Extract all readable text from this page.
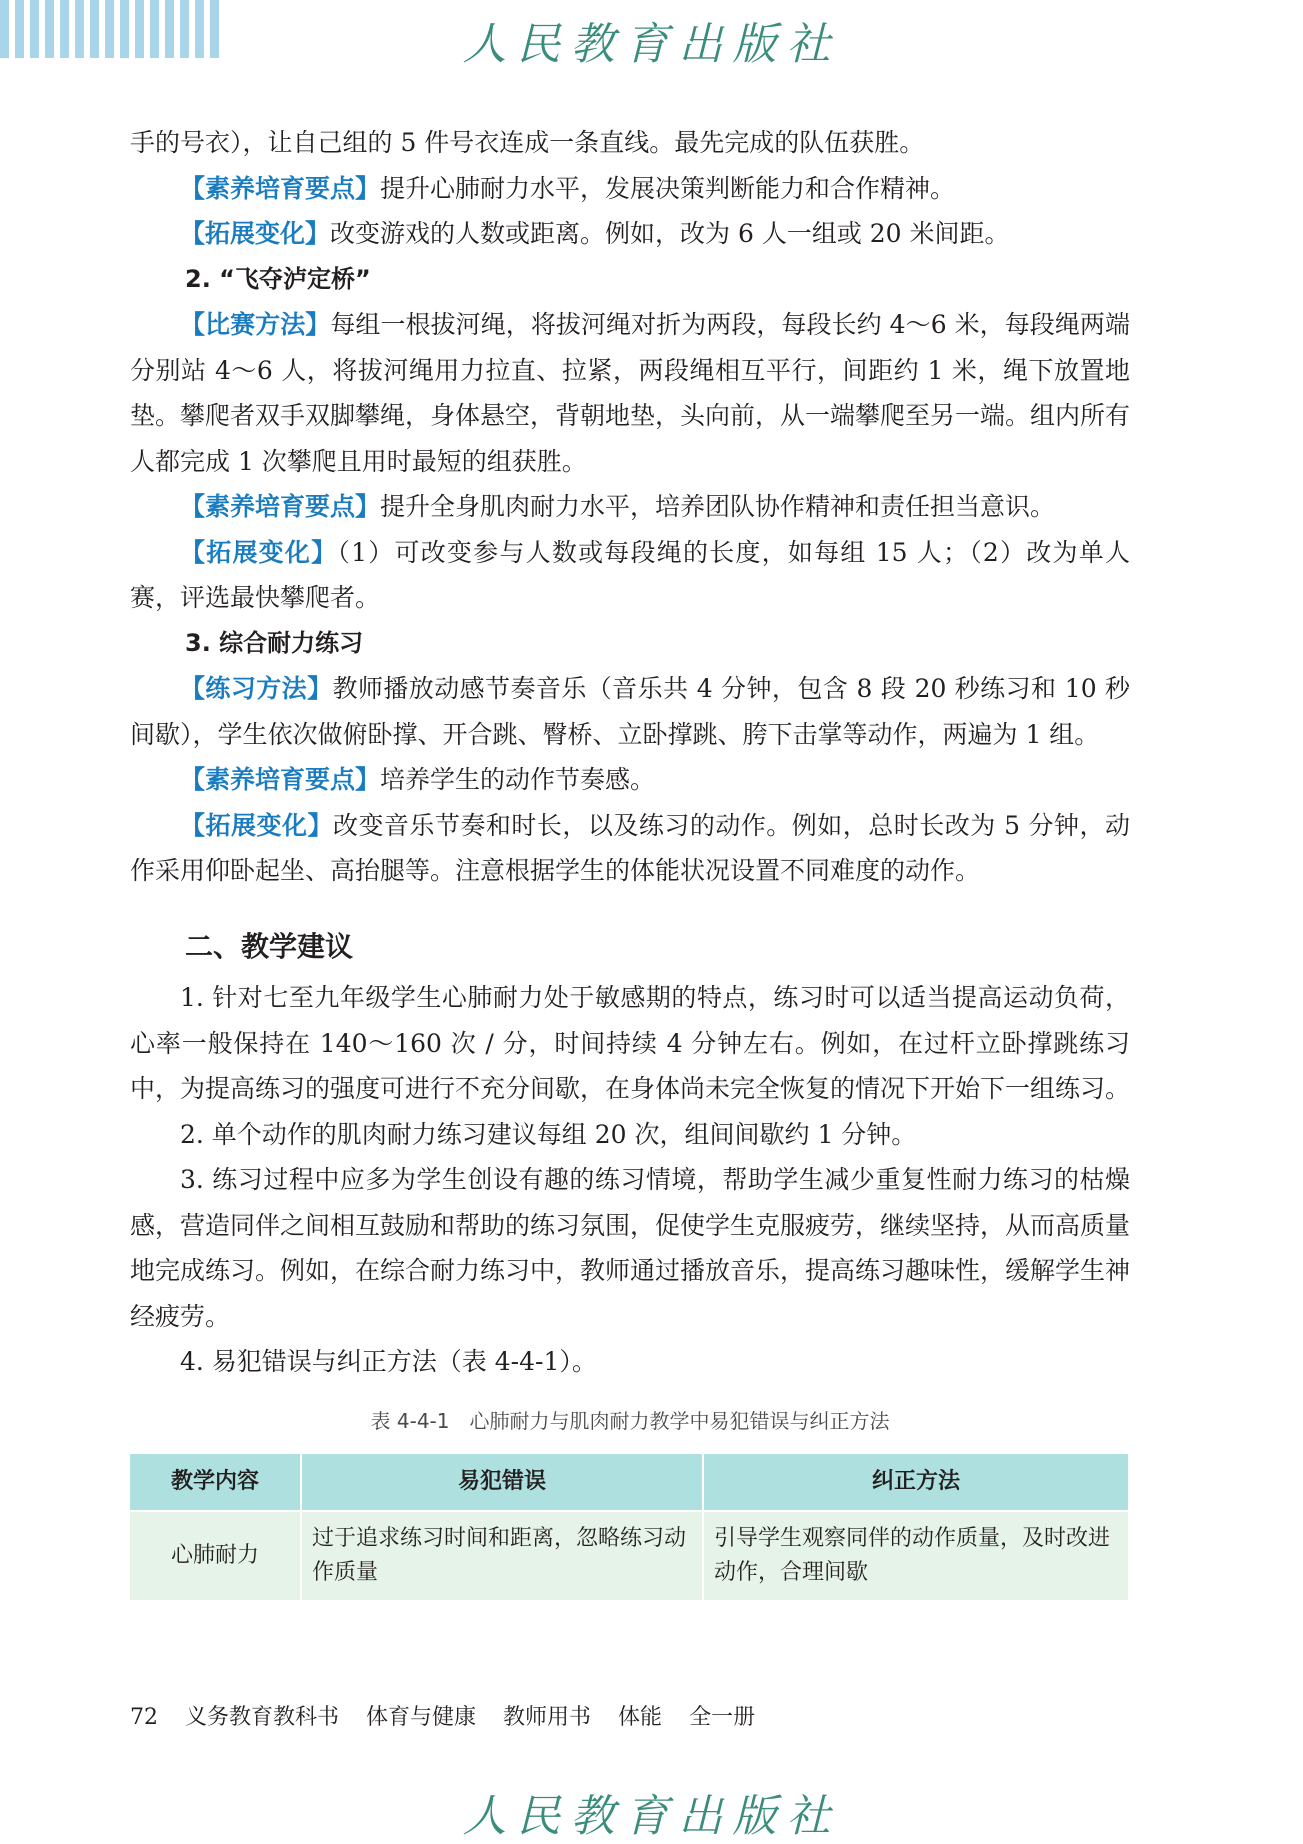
人民教育出版社

手的号衣），让自己组的 5 件号衣连成一条直线。最先完成的队伍获胜。

【素养培育要点】提升心肺耐力水平，发展决策判断能力和合作精神。

【拓展变化】改变游戏的人数或距离。例如，改为 6 人一组或 20 米间距。

2. “飞夺泸定桥”

【比赛方法】每组一根拔河绳，将拔河绳对折为两段，每段长约 4～6 米，每段绳两端分别站 4～6 人，将拔河绳用力拉直、拉紧，两段绳相互平行，间距约 1 米，绳下放置地垫。攀爬者双手双脚攀绳，身体悬空，背朝地垫，头向前，从一端攀爬至另一端。组内所有人都完成 1 次攀爬且用时最短的组获胜。

【素养培育要点】提升全身肌肉耐力水平，培养团队协作精神和责任担当意识。

【拓展变化】（1）可改变参与人数或每段绳的长度，如每组 15 人；（2）改为单人赛，评选最快攀爬者。

3. 综合耐力练习

【练习方法】教师播放动感节奏音乐（音乐共 4 分钟，包含 8 段 20 秒练习和 10 秒间歇），学生依次做俯卧撑、开合跳、臀桥、立卧撑跳、胯下击掌等动作，两遍为 1 组。

【素养培育要点】培养学生的动作节奏感。

【拓展变化】改变音乐节奏和时长，以及练习的动作。例如，总时长改为 5 分钟，动作采用仰卧起坐、高抬腿等。注意根据学生的体能状况设置不同难度的动作。

二、教学建议

1. 针对七至九年级学生心肺耐力处于敏感期的特点，练习时可以适当提高运动负荷，心率一般保持在 140～160 次 / 分，时间持续 4 分钟左右。例如，在过杆立卧撑跳练习中，为提高练习的强度可进行不充分间歇，在身体尚未完全恢复的情况下开始下一组练习。

2. 单个动作的肌肉耐力练习建议每组 20 次，组间间歇约 1 分钟。

3. 练习过程中应多为学生创设有趣的练习情境，帮助学生减少重复性耐力练习的枯燥感，营造同伴之间相互鼓励和帮助的练习氛围，促使学生克服疲劳，继续坚持，从而高质量地完成练习。例如，在综合耐力练习中，教师通过播放音乐，提高练习趣味性，缓解学生神经疲劳。

4. 易犯错误与纠正方法（表 4-4-1）。

表 4-4-1　心肺耐力与肌肉耐力教学中易犯错误与纠正方法
教学内容	易犯错误	纠正方法
心肺耐力	过于追求练习时间和距离，忽略练习动作质量	引导学生观察同伴的动作质量，及时改进动作，合理间歇
72 义务教育教科书 体育与健康 教师用书 体能 全一册
人民教育出版社
